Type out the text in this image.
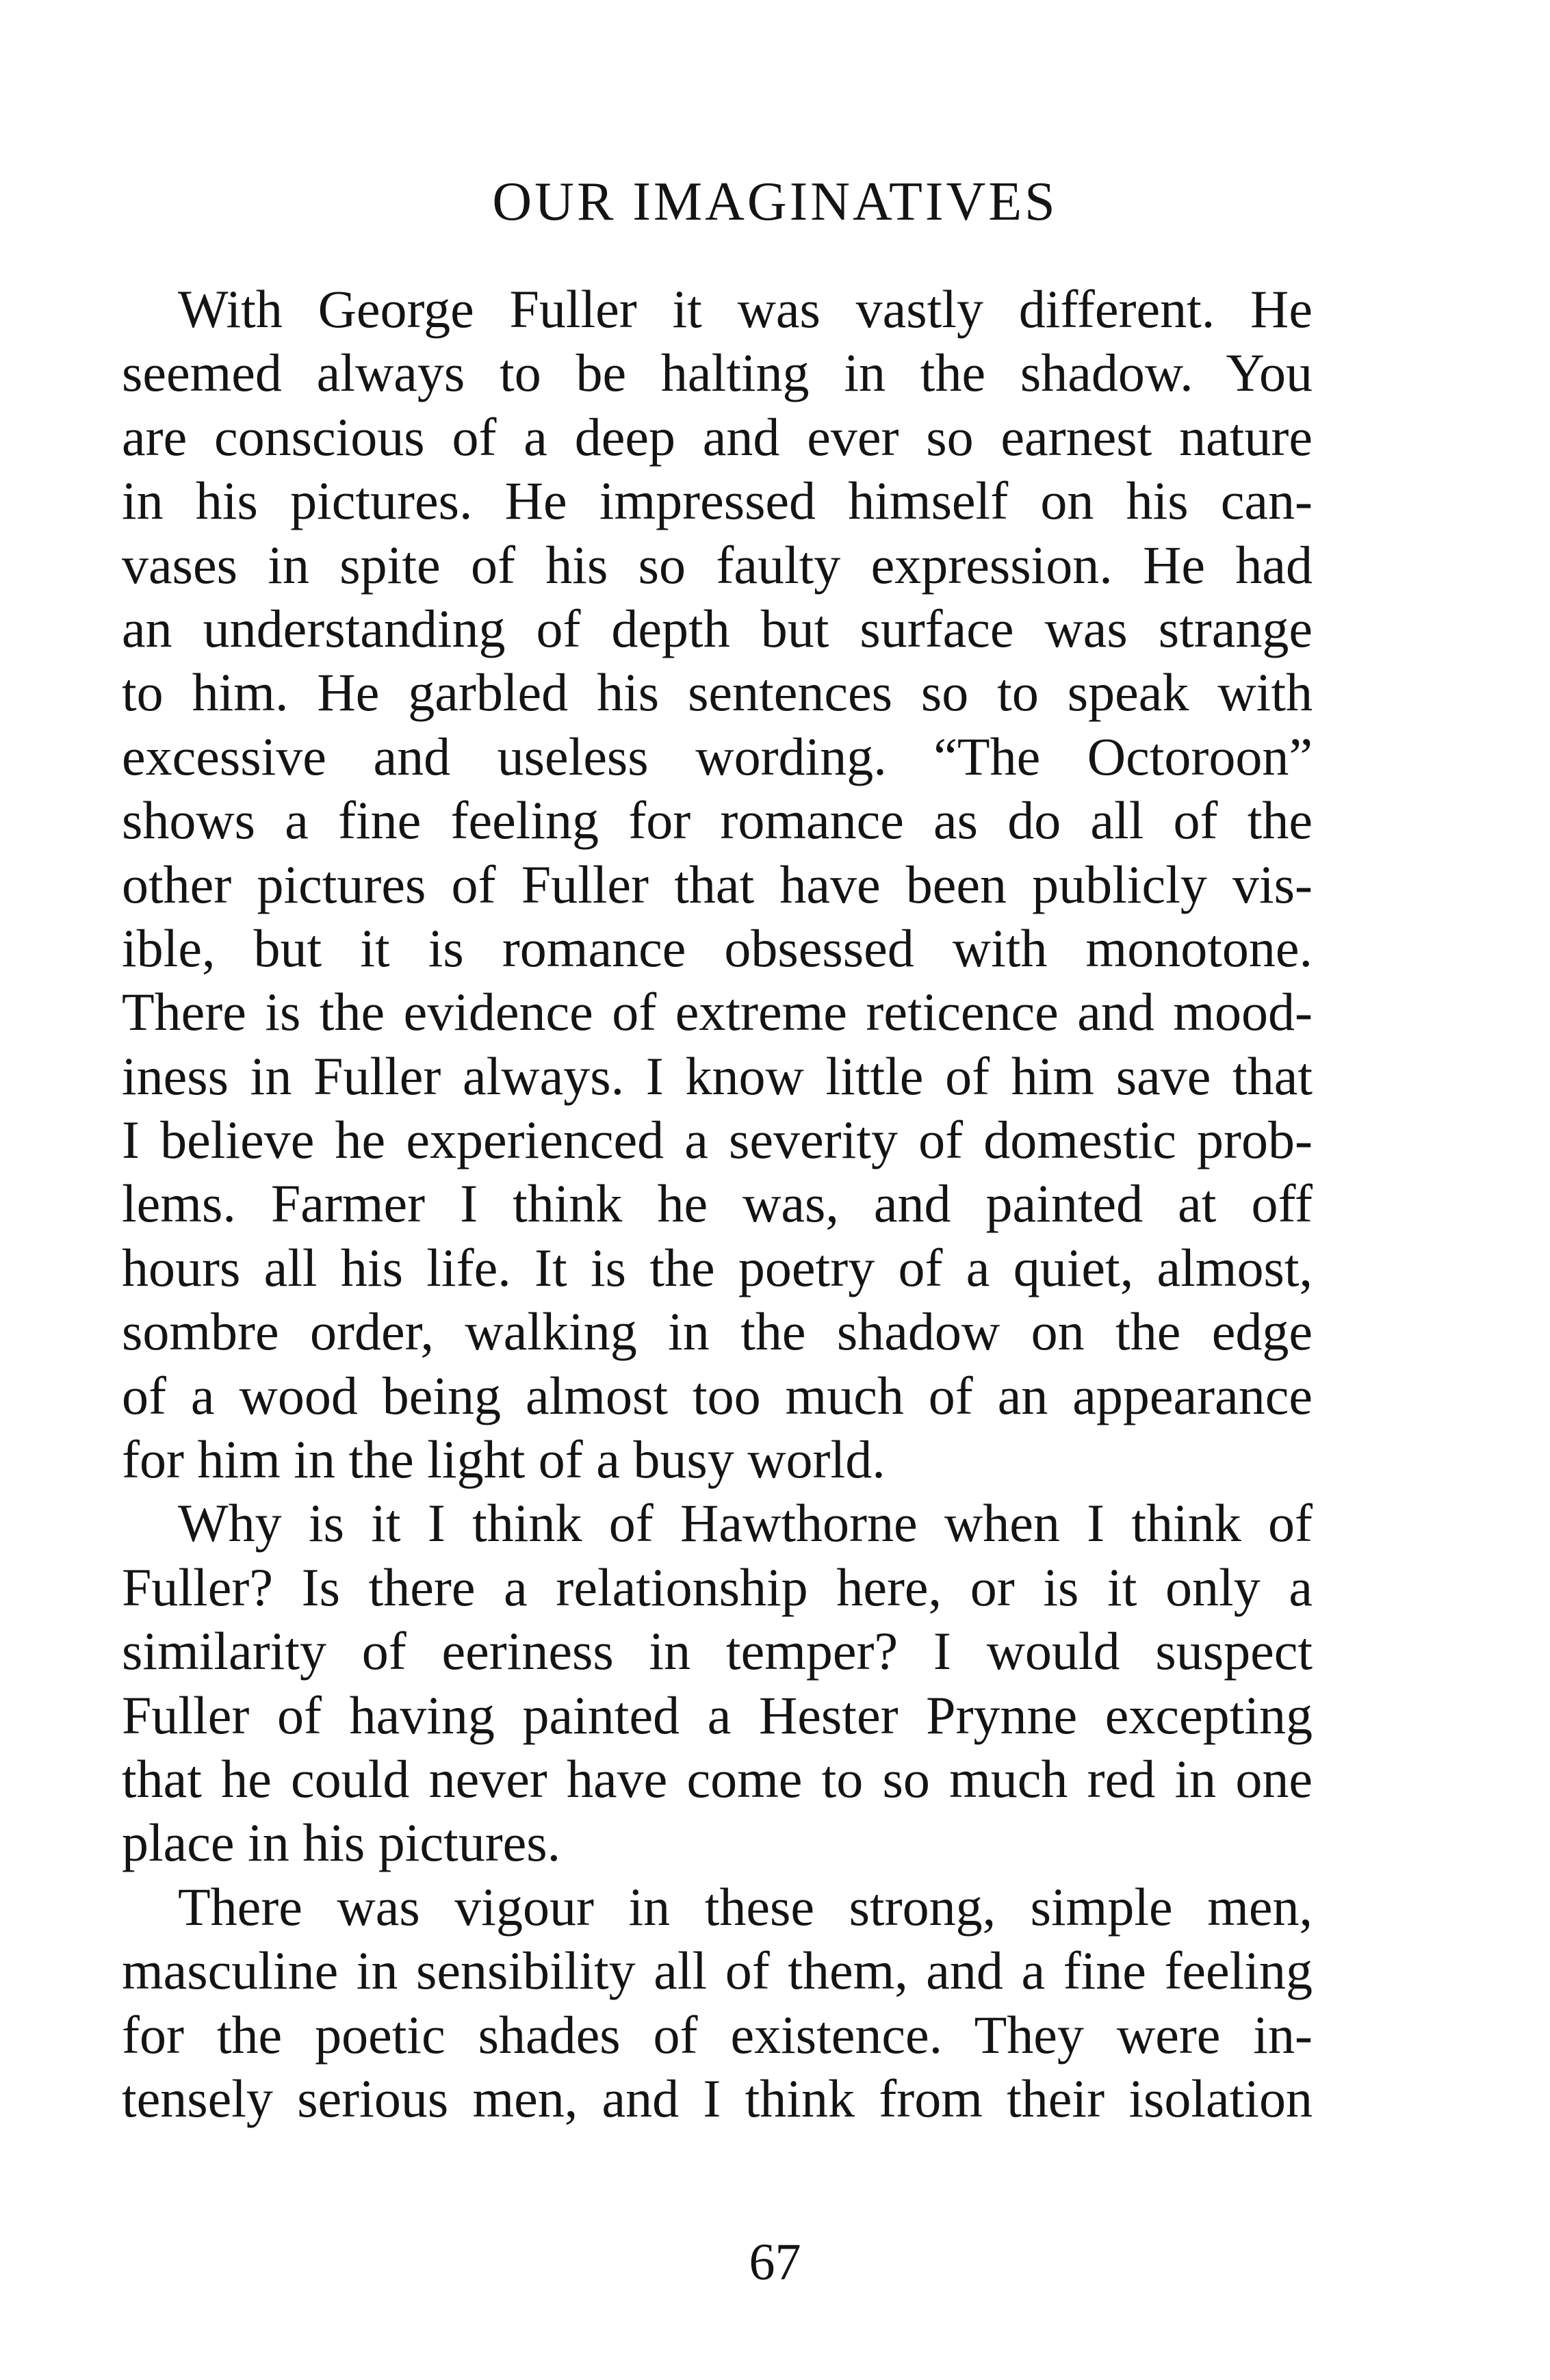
OUR IMAGINATIVES
With George Fuller it was vastly different. He
seemed always to be halting in the shadow. You
are conscious of a deep and ever so earnest nature
in his pictures. He impressed himself on his can-
vases in spite of his so faulty expression. He had
an understanding of depth but surface was strange
to him. He garbled his sentences so to speak with
excessive and useless wording. “The Octoroon”
shows a fine feeling for romance as do all of the
other pictures of Fuller that have been publicly vis-
ible, but it is romance obsessed with monotone.
There is the evidence of extreme reticence and mood-
iness in Fuller always. I know little of him save that
I believe he experienced a severity of domestic prob-
lems. Farmer I think he was, and painted at off
hours all his life. It is the poetry of a quiet, almost,
sombre order, walking in the shadow on the edge
of a wood being almost too much of an appearance
for him in the light of a busy world.
Why is it I think of Hawthorne when I think of
Fuller? Is there a relationship here, or is it only a
similarity of eeriness in temper? I would suspect
Fuller of having painted a Hester Prynne excepting
that he could never have come to so much red in one
place in his pictures.
There was vigour in these strong, simple men,
masculine in sensibility all of them, and a fine feeling
for the poetic shades of existence. They were in-
tensely serious men, and I think from their isolation
67
